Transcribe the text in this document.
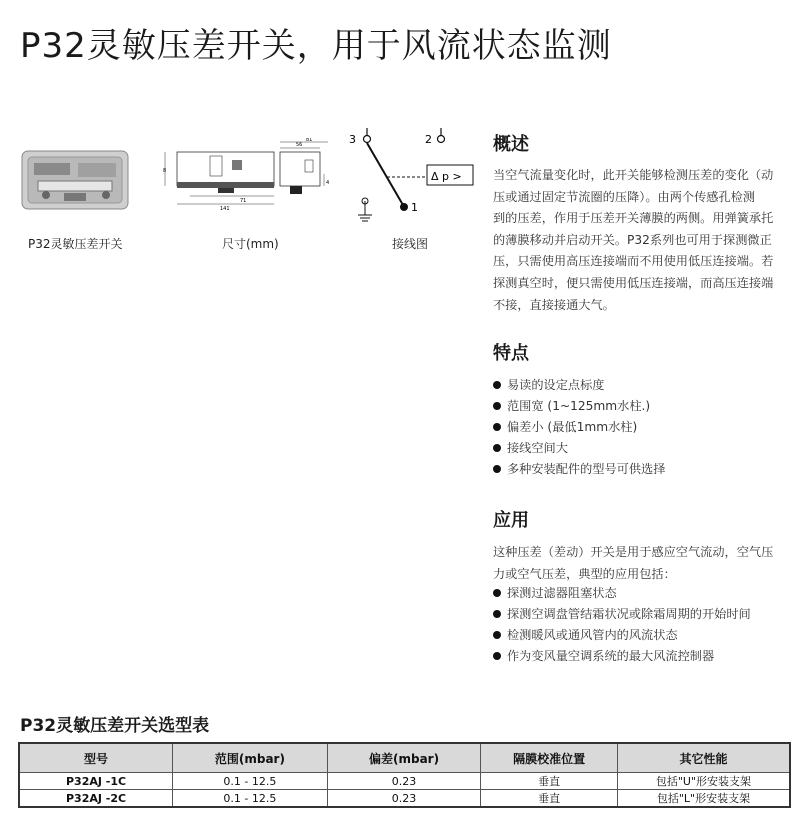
P32灵敏压差开关，用于风流状态监测
P32灵敏压差开关
8
71
141
56
81
4
尺寸(mm)
3	2
1
Δ p >
接线图
概述
当空气流量变化时，此开关能够检测压差的变化（动
压或通过固定节流圈的压降）。由两个传感孔检测
到的压差，作用于压差开关薄膜的两侧。用弹簧承托
的薄膜移动并启动开关。P32系列也可用于探测微正
压，只需使用高压连接端而不用使用低压连接端。若
探测真空时，便只需使用低压连接端，而高压连接端
不接，直接接通大气。
特点
易读的设定点标度
范围宽 (1~125mm水柱.)
偏差小 (最低1mm水柱)
接线空间大
多种安装配件的型号可供选择
应用
这种压差（差动）开关是用于感应空气流动，空气压
力或空气压差，典型的应用包括：
探测过滤器阻塞状态
探测空调盘管结霜状况或除霜周期的开始时间
检测暖风或通风管内的风流状态
作为变风量空调系统的最大风流控制器
P32灵敏压差开关选型表
型号	范围(mbar)	偏差(mbar)	隔膜校准位置	其它性能
P32AJ -1C	0.1 - 12.5	0.23	垂直	包括"U"形安装支架
P32AJ -2C	0.1 - 12.5	0.23	垂直	包括"L"形安装支架
